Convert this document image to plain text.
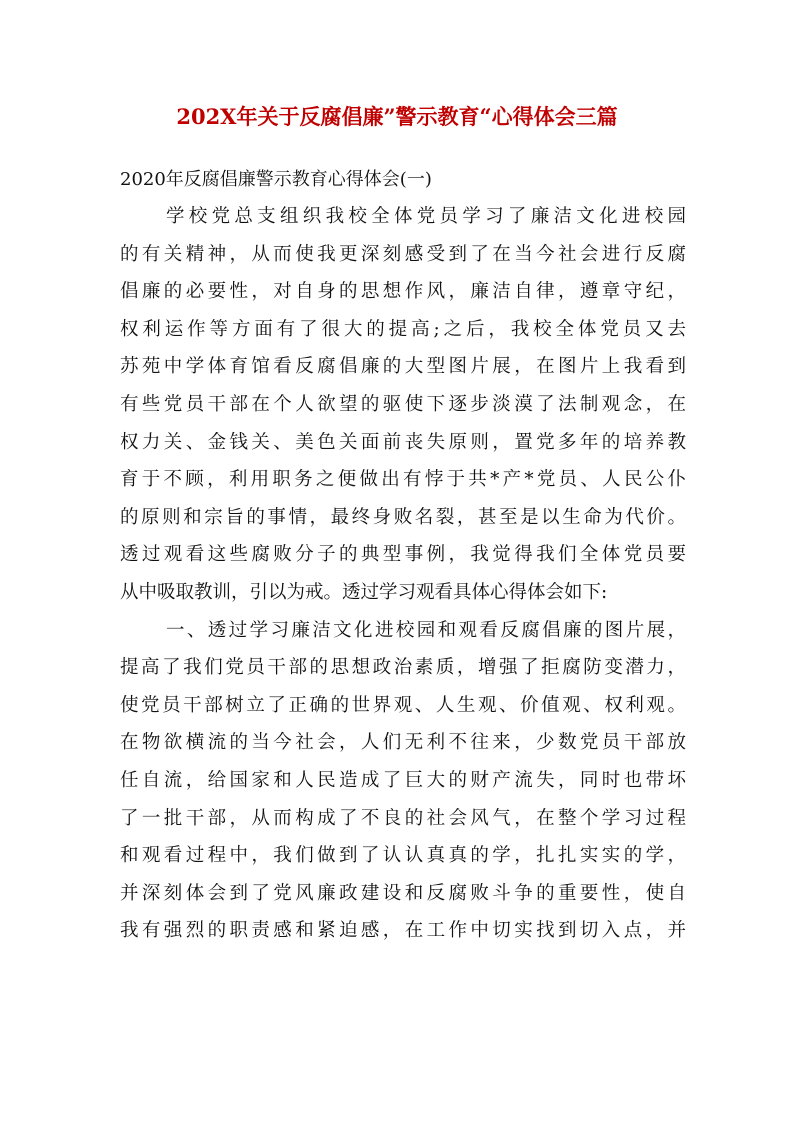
202X年关于反腐倡廉”警示教育“心得体会三篇
2020年反腐倡廉警示教育心得体会(一)
学校党总支组织我校全体党员学习了廉洁文化进校园
的有关精神，从而使我更深刻感受到了在当今社会进行反腐
倡廉的必要性，对自身的思想作风，廉洁自律，遵章守纪，
权利运作等方面有了很大的提高;之后，我校全体党员又去
苏苑中学体育馆看反腐倡廉的大型图片展，在图片上我看到
有些党员干部在个人欲望的驱使下逐步淡漠了法制观念，在
权力关、金钱关、美色关面前丧失原则，置党多年的培养教
育于不顾，利用职务之便做出有悖于共*产*党员、人民公仆
的原则和宗旨的事情，最终身败名裂，甚至是以生命为代价。
透过观看这些腐败分子的典型事例，我觉得我们全体党员要
从中吸取教训，引以为戒。透过学习观看具体心得体会如下:
一、透过学习廉洁文化进校园和观看反腐倡廉的图片展，
提高了我们党员干部的思想政治素质，增强了拒腐防变潜力，
使党员干部树立了正确的世界观、人生观、价值观、权利观。
在物欲横流的当今社会，人们无利不往来，少数党员干部放
任自流，给国家和人民造成了巨大的财产流失，同时也带坏
了一批干部，从而构成了不良的社会风气，在整个学习过程
和观看过程中，我们做到了认认真真的学，扎扎实实的学，
并深刻体会到了党风廉政建设和反腐败斗争的重要性，使自
我有强烈的职责感和紧迫感，在工作中切实找到切入点，并
